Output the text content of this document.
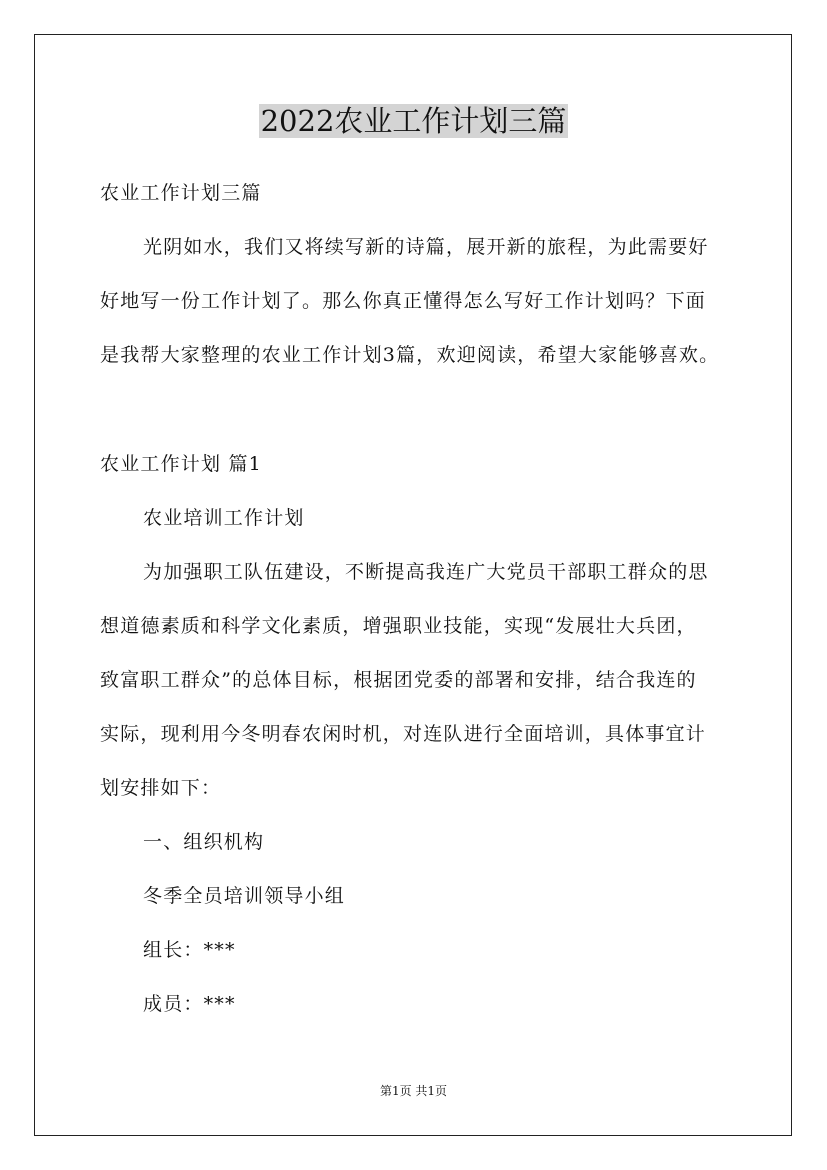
2022农业工作计划三篇
农业工作计划三篇
光阴如水，我们又将续写新的诗篇，展开新的旅程，为此需要好
好地写一份工作计划了。那么你真正懂得怎么写好工作计划吗？下面
是我帮大家整理的农业工作计划3篇，欢迎阅读，希望大家能够喜欢。
农业工作计划 篇1
农业培训工作计划
为加强职工队伍建设，不断提高我连广大党员干部职工群众的思
想道德素质和科学文化素质，增强职业技能，实现“发展壮大兵团，
致富职工群众”的总体目标，根据团党委的部署和安排，结合我连的
实际，现利用今冬明春农闲时机，对连队进行全面培训，具体事宜计
划安排如下：
一、组织机构
冬季全员培训领导小组
组长：***
成员：***
第1页 共1页
